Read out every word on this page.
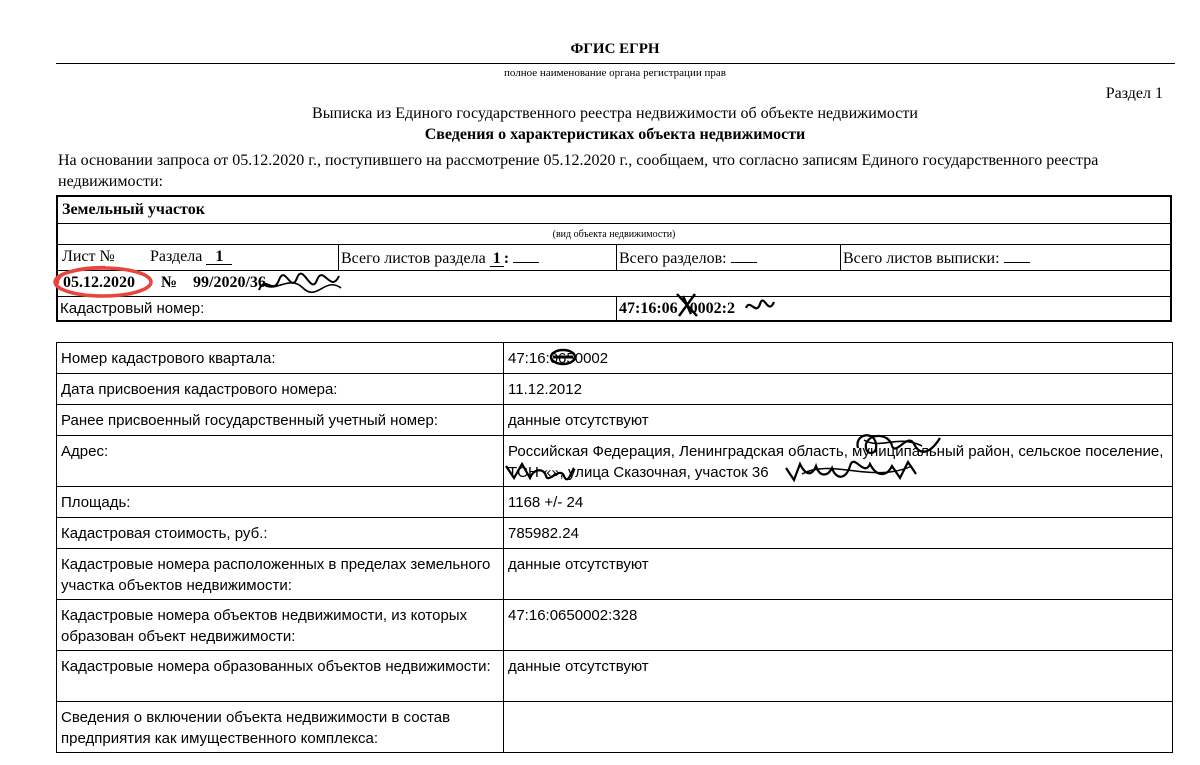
ФГИС ЕГРН
полное наименование органа регистрации прав
Раздел 1
Выписка из Единого государственного реестра недвижимости об объекте недвижимости
Сведения о характеристиках объекта недвижимости
На основании запроса от 05.12.2020 г., поступившего на рассмотрение 05.12.2020 г., сообщаем, что согласно записям Единого государственного реестра недвижимости:
Земельный участок
(вид объекта недвижимости)
Лист № Раздела 1	Всего листов раздела 1 :	Всего разделов:	Всего листов выписки:
05.12.2020 № 99/2020/36
Кадастровый номер:	47:16:06 0002:2
Номер кадастрового квартала:	47:16:0650002
Дата присвоения кадастрового номера:	11.12.2012
Ранее присвоенный государственный учетный номер:	данные отсутствуют
Адрес:	Российская Федерация, Ленинградская область, муниципальный район, сельское поселение, ТСН «», улица Сказочная, участок 36
Площадь:	1168 +/- 24
Кадастровая стоимость, руб.:	785982.24
Кадастровые номера расположенных в пределах земельного участка объектов недвижимости:	данные отсутствуют
Кадастровые номера объектов недвижимости, из которых образован объект недвижимости:	47:16:0650002:328
Кадастровые номера образованных объектов недвижимости:	данные отсутствуют
Сведения о включении объекта недвижимости в состав предприятия как имущественного комплекса:	
